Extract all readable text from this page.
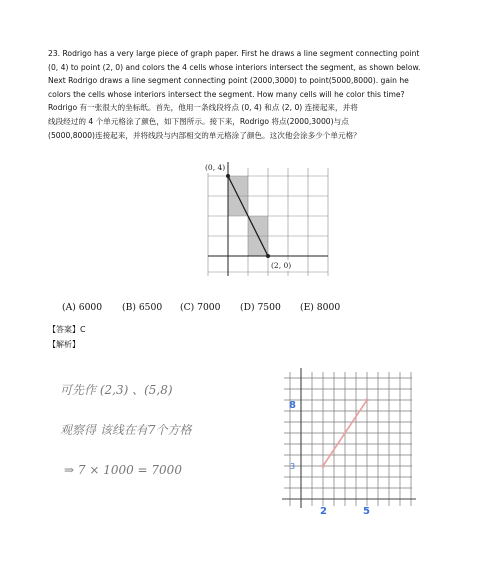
23. Rodrigo has a very large piece of graph paper. First he draws a line segment connecting point

(0, 4) to point (2, 0) and colors the 4 cells whose interiors intersect the segment, as shown below.

Next Rodrigo draws a line segment connecting point (2000,3000) to point(5000,8000). gain he

colors the cells whose interiors intersect the segment. How many cells will he color this time?

Rodrigo 有一张很大的坐标纸。首先，他用一条线段将点 (0, 4) 和点 (2, 0) 连接起来，并将

线段经过的 4 个单元格涂了颜色，如下图所示。接下来，Rodrigo 将点(2000,3000)与点

(5000,8000)连接起来，并将线段与内部相交的单元格涂了颜色。这次他会涂多少个单元格？

(0, 4)
(2, 0)
(A) 6000 (B) 6500 (C) 7000 (D) 7500 (E) 8000
【答案】C
【解析】
可先作 (2,3) 、(5,8)
观察得 该线在有7个方格
⇒ 7 × 1000 = 7000
8
3
2	5
